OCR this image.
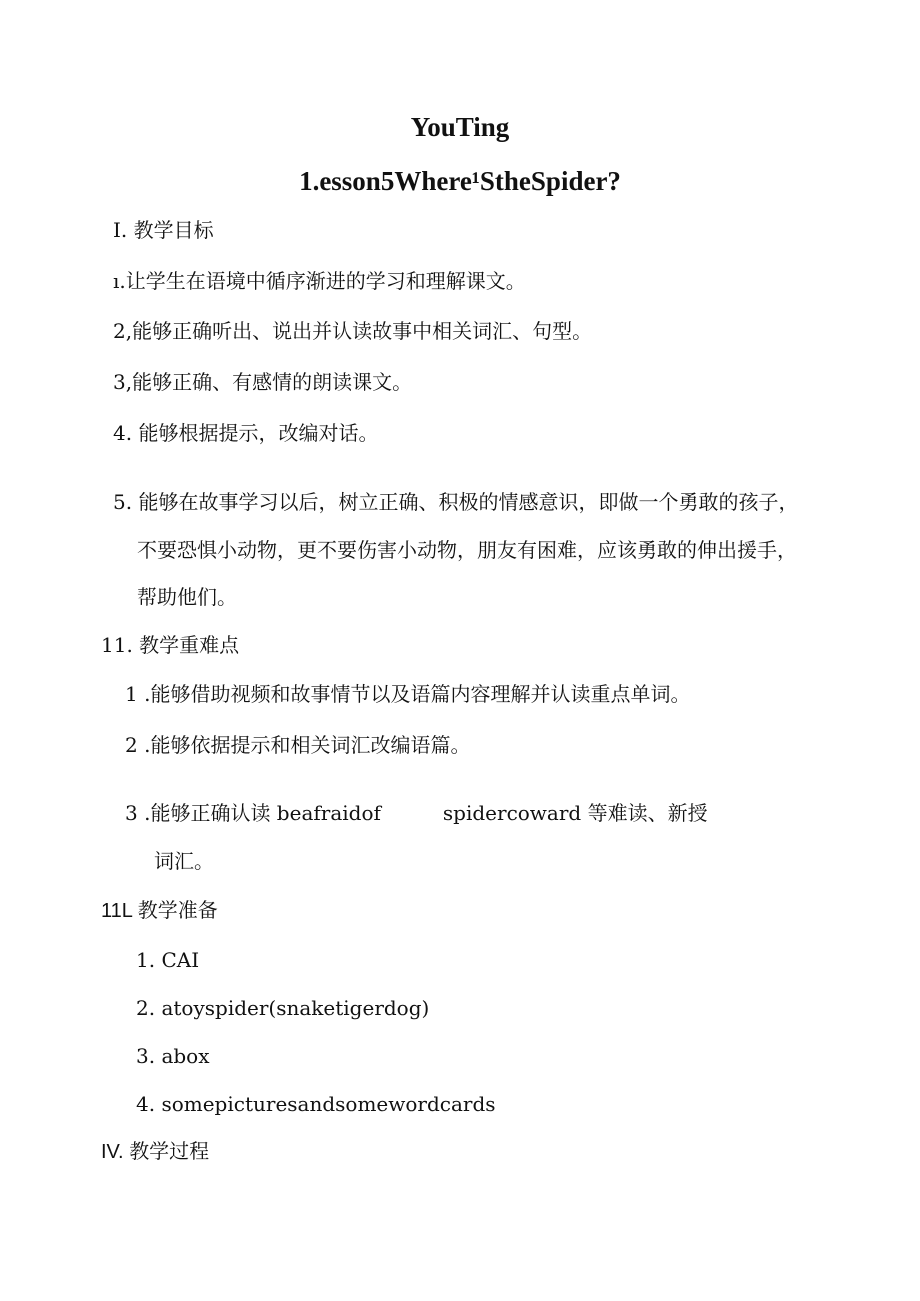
YouTing
1.esson5Where¹StheSpider?
I. 教学目标
ı.让学生在语境中循序渐进的学习和理解课文。
2,能够正确听出、说出并认读故事中相关词汇、句型。
3,能够正确、有感情的朗读课文。
4. 能够根据提示，改编对话。
5. 能够在故事学习以后，树立正确、积极的情感意识，即做一个勇敢的孩子，
不要恐惧小动物，更不要伤害小动物，朋友有困难，应该勇敢的伸出援手，
帮助他们。
11. 教学重难点
1 .能够借助视频和故事情节以及语篇内容理解并认读重点单词。
2 .能够依据提示和相关词汇改编语篇。
3 .能够正确认读 beafraidof	spidercoward 等难读、新授
词汇。
11L 教学准备
1. CAI
2. atoyspider(snaketigerdog)
3. abox
4. somepicturesandsomewordcards
IV. 教学过程
